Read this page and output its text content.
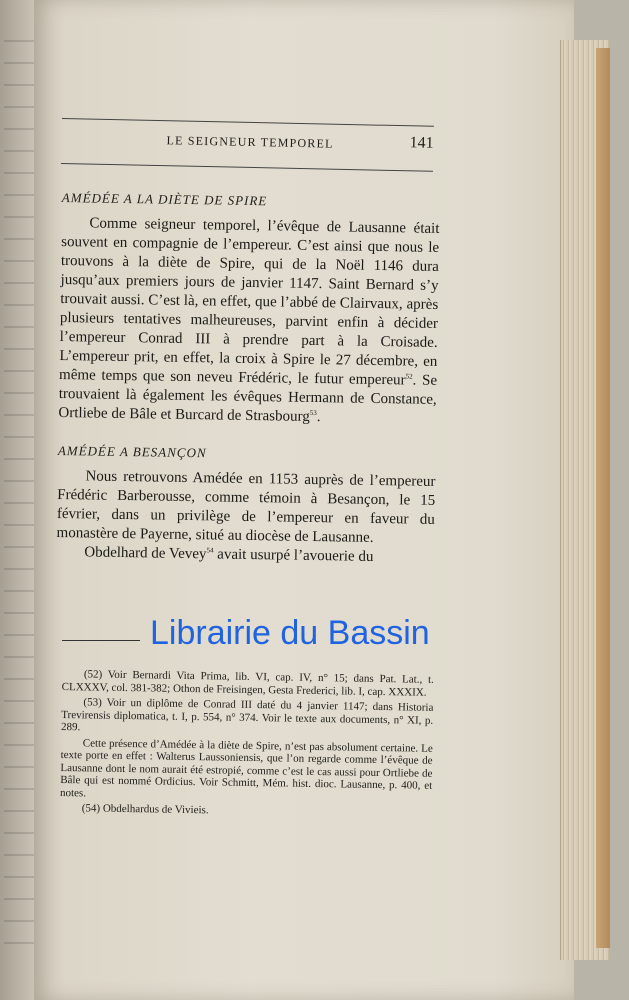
LE SEIGNEUR TEMPOREL	141
AMÉDÉE A LA DIÈTE DE SPIRE

Comme seigneur temporel, l’évêque de Lausanne était souvent en compagnie de l’empereur. C’est ainsi que nous le trouvons à la diète de Spire, qui de la Noël 1146 dura jusqu’aux premiers jours de janvier 1147. Saint Bernard s’y trouvait aussi. C’est là, en effet, que l’abbé de Clairvaux, après plusieurs tentatives malheureuses, parvint enfin à décider l’empereur Conrad III à prendre part à la Croisade. L’empereur prit, en effet, la croix à Spire le 27 décembre, en même temps que son neveu Frédéric, le futur empereur$^{52}$. Se trouvaient là également les évêques Hermann de Constance, Ortliebe de Bâle et Burcard de Strasbourg$^{53}$.

AMÉDÉE A BESANÇON

Nous retrouvons Amédée en 1153 auprès de l’empereur Frédéric Barberousse, comme témoin à Besançon, le 15 février, dans un privilège de l’empereur en faveur du monastère de Payerne, situé au diocèse de Lausanne.

Obdelhard de Vevey$^{54}$ avait usurpé l’avouerie du

(52) Voir Bernardi Vita Prima, lib. VI, cap. IV, n° 15; dans Pat. Lat., t. CLXXXV, col. 381-382; Othon de Freisingen, Gesta Frederici, lib. I, cap. XXXIX.

(53) Voir un diplôme de Conrad III daté du 4 janvier 1147; dans Historia Trevirensis diplomatica, t. I, p. 554, n° 374. Voir le texte aux documents, n° XI, p. 289.

Cette présence d’Amédée à la diète de Spire, n’est pas absolument certaine. Le texte porte en effet : Walterus Laussoniensis, que l’on regarde comme l’évêque de Lausanne dont le nom aurait été estropié, comme c’est le cas aussi pour Ortliebe de Bâle qui est nommé Ordicius. Voir Schmitt, Mém. hist. dioc. Lausanne, p. 400, et notes.

(54) Obdelhardus de Vivieis.

Librairie du Bassin
